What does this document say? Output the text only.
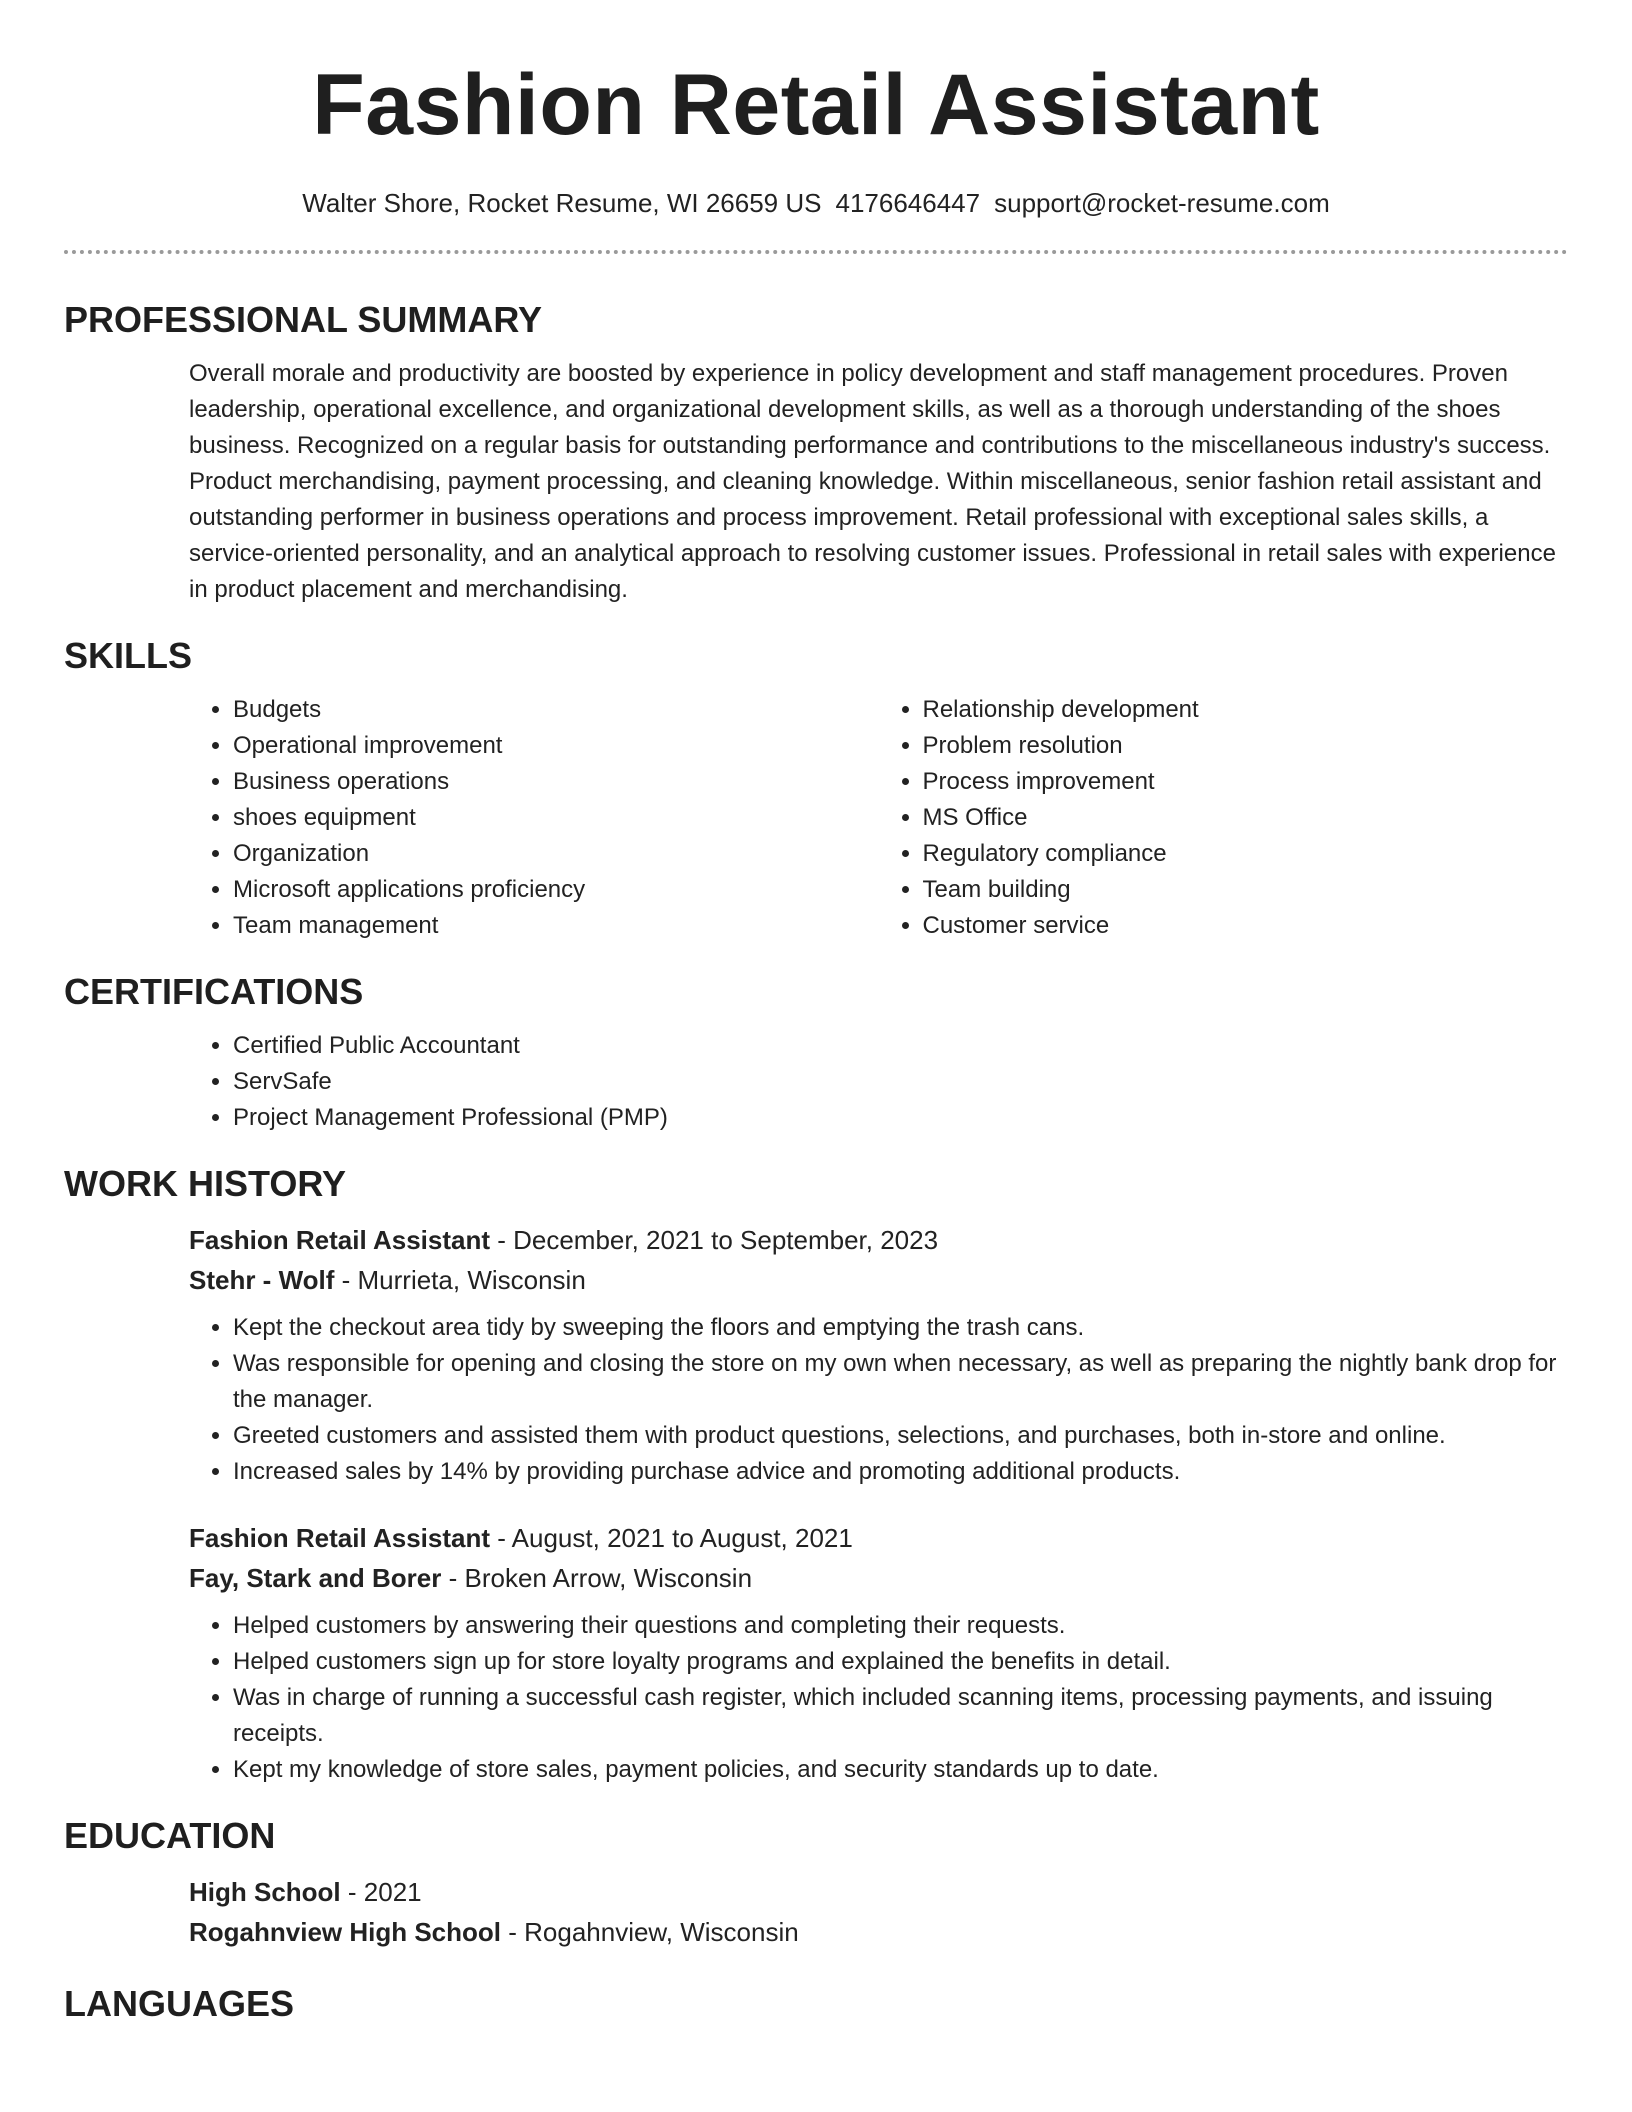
Fashion Retail Assistant
Walter Shore, Rocket Resume, WI 26659 US 4176646447 support@rocket-resume.com
PROFESSIONAL SUMMARY

Overall morale and productivity are boosted by experience in policy development and staff management procedures. Proven leadership, operational excellence, and organizational development skills, as well as a thorough understanding of the shoes business. Recognized on a regular basis for outstanding performance and contributions to the miscellaneous industry's success. Product merchandising, payment processing, and cleaning knowledge. Within miscellaneous, senior fashion retail assistant and outstanding performer in business operations and process improvement. Retail professional with exceptional sales skills, a service-oriented personality, and an analytical approach to resolving customer issues. Professional in retail sales with experience in product placement and merchandising.

SKILLS
• Budgets
• Operational improvement
• Business operations
• shoes equipment
• Organization
• Microsoft applications proficiency
• Team management
• Relationship development
• Problem resolution
• Process improvement
• MS Office
• Regulatory compliance
• Team building
• Customer service
CERTIFICATIONS
• Certified Public Accountant
• ServSafe
• Project Management Professional (PMP)
WORK HISTORY
Fashion Retail Assistant - December, 2021 to September, 2023
Stehr - Wolf - Murrieta, Wisconsin
• Kept the checkout area tidy by sweeping the floors and emptying the trash cans.
• Was responsible for opening and closing the store on my own when necessary, as well as preparing the nightly bank drop for the manager.
• Greeted customers and assisted them with product questions, selections, and purchases, both in-store and online.
• Increased sales by 14% by providing purchase advice and promoting additional products.
Fashion Retail Assistant - August, 2021 to August, 2021
Fay, Stark and Borer - Broken Arrow, Wisconsin
• Helped customers by answering their questions and completing their requests.
• Helped customers sign up for store loyalty programs and explained the benefits in detail.
• Was in charge of running a successful cash register, which included scanning items, processing payments, and issuing receipts.
• Kept my knowledge of store sales, payment policies, and security standards up to date.
EDUCATION
High School - 2021
Rogahnview High School - Rogahnview, Wisconsin
LANGUAGES
